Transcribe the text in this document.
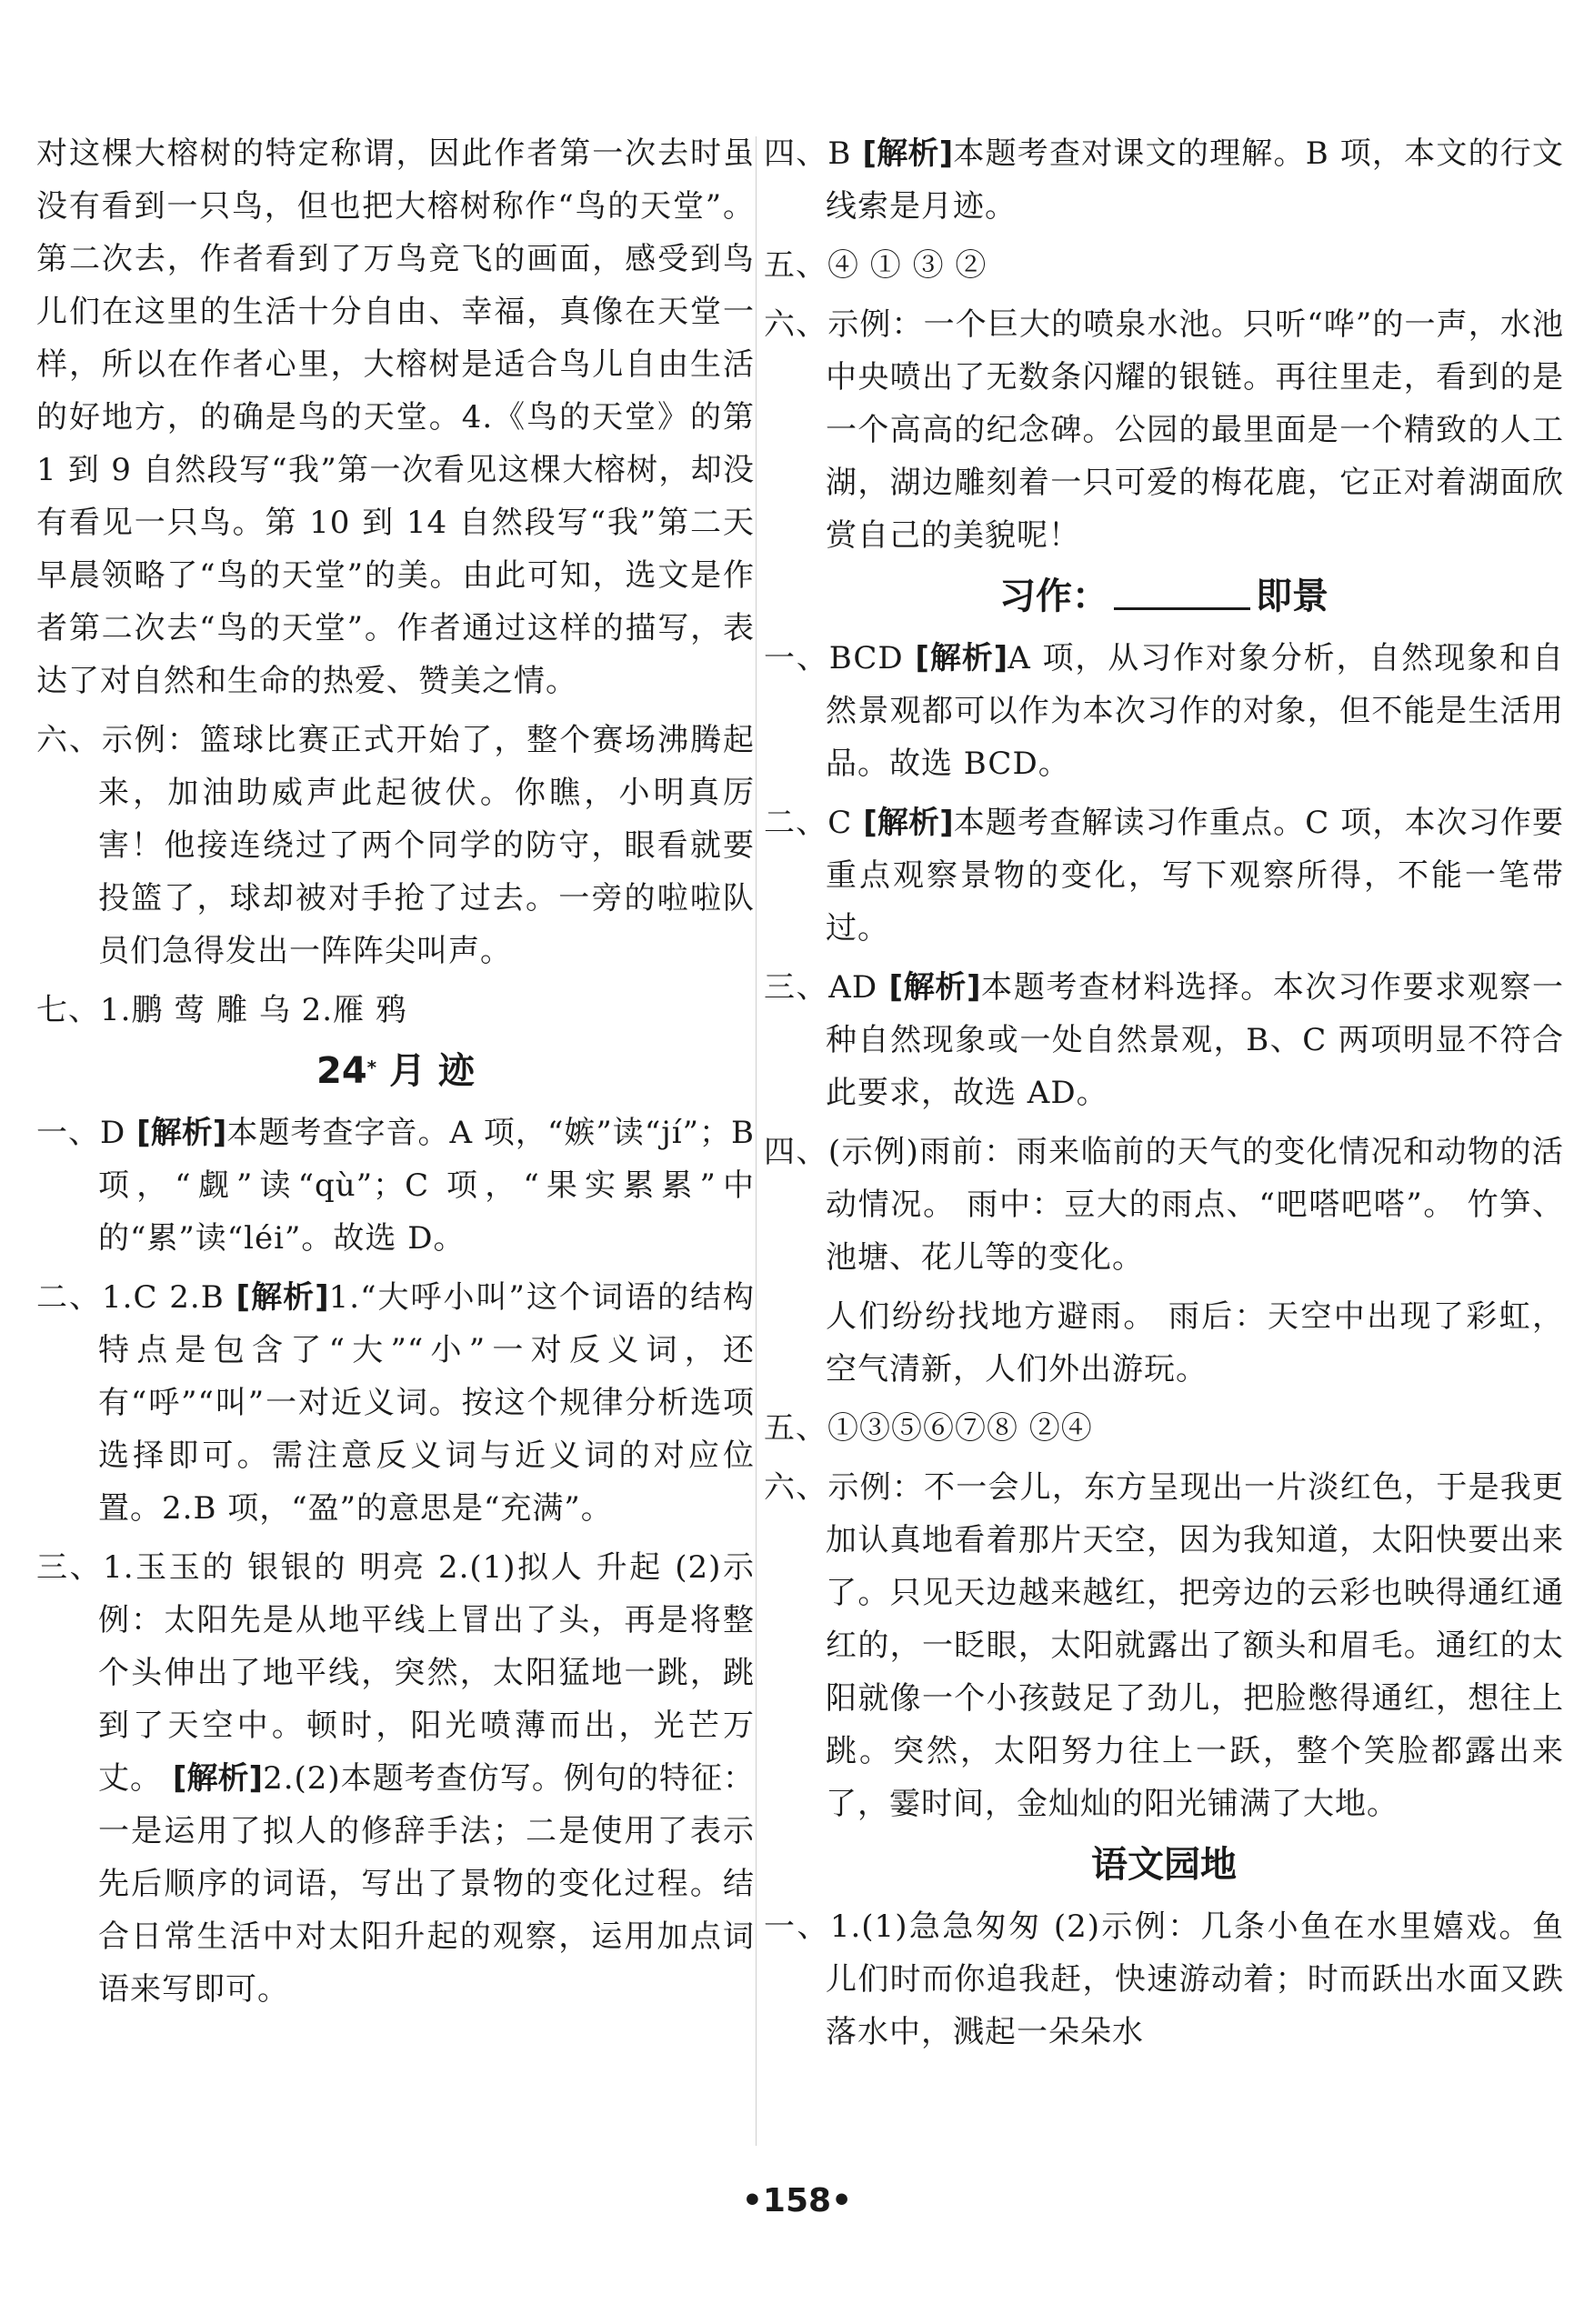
对这棵大榕树的特定称谓，因此作者第一次去时虽没有看到一只鸟，但也把大榕树称作“鸟的天堂”。第二次去，作者看到了万鸟竞飞的画面，感受到鸟儿们在这里的生活十分自由、幸福，真像在天堂一样，所以在作者心里，大榕树是适合鸟儿自由生活的好地方，的确是鸟的天堂。4.《鸟的天堂》的第 1 到 9 自然段写“我”第一次看见这棵大榕树，却没有看见一只鸟。第 10 到 14 自然段写“我”第二天早晨领略了“鸟的天堂”的美。由此可知，选文是作者第二次去“鸟的天堂”。作者通过这样的描写，表达了对自然和生命的热爱、赞美之情。

六、示例：篮球比赛正式开始了，整个赛场沸腾起来，加油助威声此起彼伏。你瞧，小明真厉害！他接连绕过了两个同学的防守，眼看就要投篮了，球却被对手抢了过去。一旁的啦啦队员们急得发出一阵阵尖叫声。

七、1.鹏 莺 雕 乌 2.雁 鸦

24* 月 迹

一、D [解析]本题考查字音。A 项，“嫉”读“jí”；B 项，“觑”读“qù”；C 项，“果实累累”中的“累”读“léi”。故选 D。

二、1.C 2.B [解析]1.“大呼小叫”这个词语的结构特点是包含了“大”“小”一对反义词，还有“呼”“叫”一对近义词。按这个规律分析选项选择即可。需注意反义词与近义词的对应位置。2.B 项，“盈”的意思是“充满”。

三、1.玉玉的 银银的 明亮 2.(1)拟人 升起 (2)示例：太阳先是从地平线上冒出了头，再是将整个头伸出了地平线，突然，太阳猛地一跳，跳到了天空中。顿时，阳光喷薄而出，光芒万丈。 [解析]2.(2)本题考查仿写。例句的特征：一是运用了拟人的修辞手法；二是使用了表示先后顺序的词语，写出了景物的变化过程。结合日常生活中对太阳升起的观察，运用加点词语来写即可。

四、B [解析]本题考查对课文的理解。B 项，本文的行文线索是月迹。

五、④ ① ③ ②

六、示例：一个巨大的喷泉水池。只听“哗”的一声，水池中央喷出了无数条闪耀的银链。再往里走，看到的是一个高高的纪念碑。公园的最里面是一个精致的人工湖，湖边雕刻着一只可爱的梅花鹿，它正对着湖面欣赏自己的美貌呢！

习作：	即景

一、BCD [解析]A 项，从习作对象分析，自然现象和自然景观都可以作为本次习作的对象，但不能是生活用品。故选 BCD。

二、C [解析]本题考查解读习作重点。C 项，本次习作要重点观察景物的变化，写下观察所得，不能一笔带过。

三、AD [解析]本题考查材料选择。本次习作要求观察一种自然现象或一处自然景观，B、C 两项明显不符合此要求，故选 AD。

四、(示例)雨前：雨来临前的天气的变化情况和动物的活动情况。 雨中：豆大的雨点、“吧嗒吧嗒”。 竹笋、池塘、花儿等的变化。

人们纷纷找地方避雨。 雨后：天空中出现了彩虹，空气清新，人们外出游玩。

五、①③⑤⑥⑦⑧ ②④

六、示例：不一会儿，东方呈现出一片淡红色，于是我更加认真地看着那片天空，因为我知道，太阳快要出来了。只见天边越来越红，把旁边的云彩也映得通红通红的，一眨眼，太阳就露出了额头和眉毛。通红的太阳就像一个小孩鼓足了劲儿，把脸憋得通红，想往上跳。突然，太阳努力往上一跃，整个笑脸都露出来了，霎时间，金灿灿的阳光铺满了大地。

语文园地

一、1.(1)急急匆匆 (2)示例：几条小鱼在水里嬉戏。鱼儿们时而你追我赶，快速游动着；时而跃出水面又跌落水中，溅起一朵朵水

•158•
